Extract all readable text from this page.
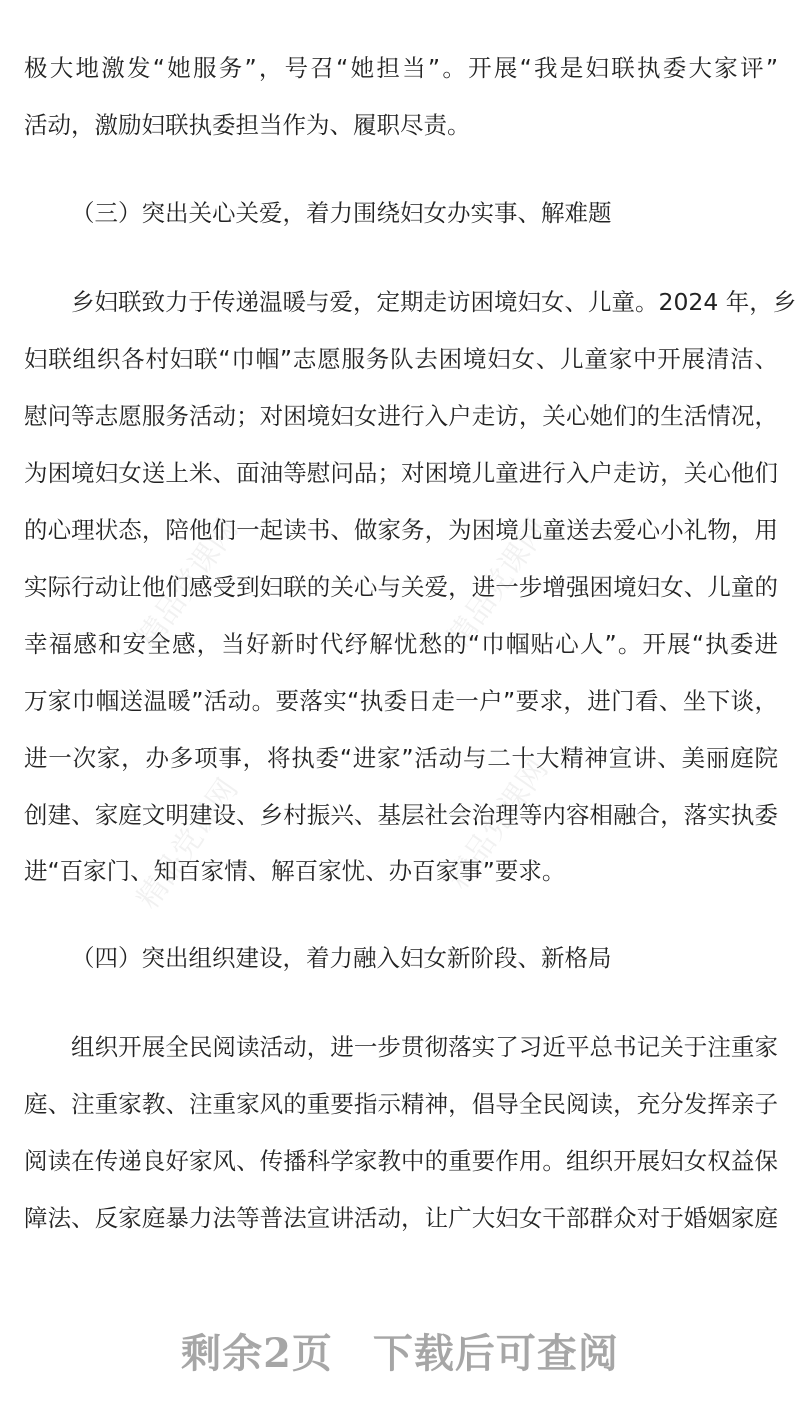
精品党课网	精品党课网
精品党课网	精品党课网
极大地激发“她服务”，号召“她担当”。开展“我是妇联执委大家评”
活动，激励妇联执委担当作为、履职尽责。
（三）突出关心关爱，着力围绕妇女办实事、解难题
乡妇联致力于传递温暖与爱，定期走访困境妇女、儿童。2024 年，乡
妇联组织各村妇联“巾帼”志愿服务队去困境妇女、儿童家中开展清洁、
慰问等志愿服务活动；对困境妇女进行入户走访，关心她们的生活情况，
为困境妇女送上米、面油等慰问品；对困境儿童进行入户走访，关心他们
的心理状态，陪他们一起读书、做家务，为困境儿童送去爱心小礼物，用
实际行动让他们感受到妇联的关心与关爱，进一步增强困境妇女、儿童的
幸福感和安全感，当好新时代纾解忧愁的“巾帼贴心人”。开展“执委进
万家巾帼送温暖”活动。要落实“执委日走一户”要求，进门看、坐下谈，
进一次家，办多项事，将执委“进家”活动与二十大精神宣讲、美丽庭院
创建、家庭文明建设、乡村振兴、基层社会治理等内容相融合，落实执委
进“百家门、知百家情、解百家忧、办百家事”要求。
（四）突出组织建设，着力融入妇女新阶段、新格局
组织开展全民阅读活动，进一步贯彻落实了习近平总书记关于注重家
庭、注重家教、注重家风的重要指示精神，倡导全民阅读，充分发挥亲子
阅读在传递良好家风、传播科学家教中的重要作用。组织开展妇女权益保
障法、反家庭暴力法等普法宣讲活动，让广大妇女干部群众对于婚姻家庭
剩余2页 下载后可查阅
